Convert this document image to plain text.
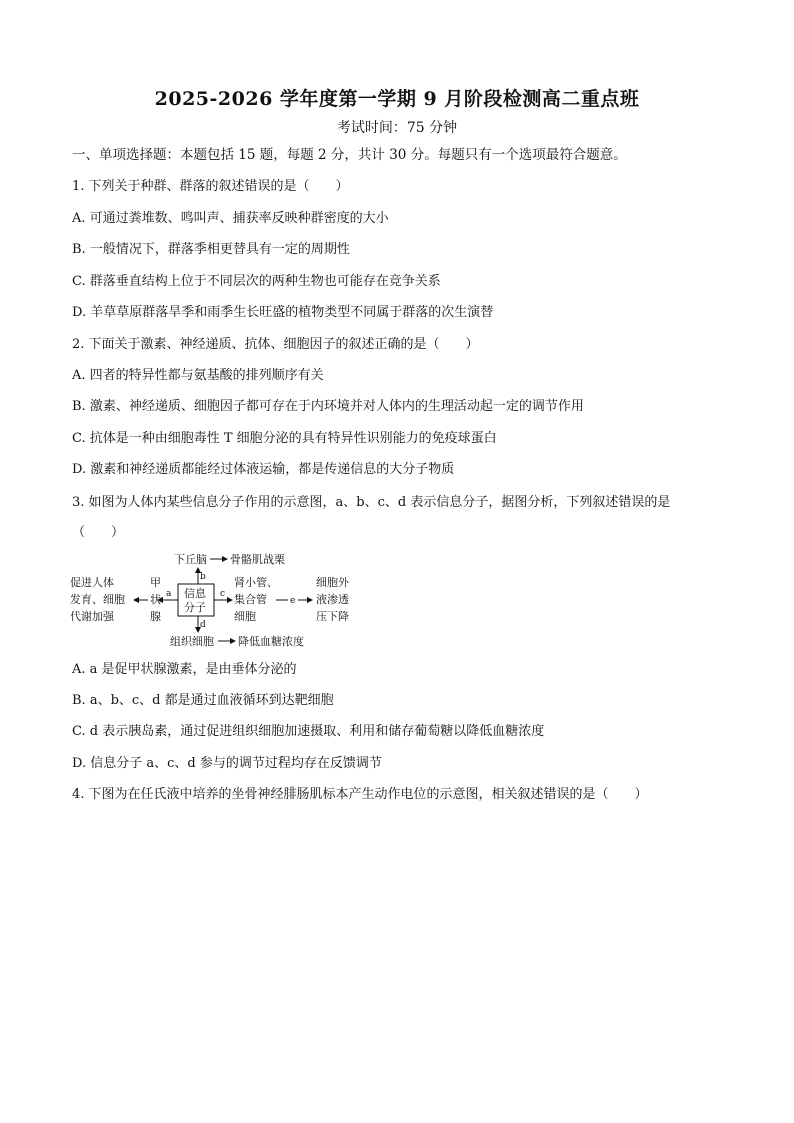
2025-2026 学年度第一学期 9 月阶段检测高二重点班
考试时间：75 分钟
一、单项选择题：本题包括 15 题，每题 2 分，共计 30 分。每题只有一个选项最符合题意。
1. 下列关于种群、群落的叙述错误的是（　　）
A. 可通过粪堆数、鸣叫声、捕获率反映种群密度的大小
B. 一般情况下，群落季相更替具有一定的周期性
C. 群落垂直结构上位于不同层次的两种生物也可能存在竞争关系
D. 羊草草原群落旱季和雨季生长旺盛的植物类型不同属于群落的次生演替
2. 下面关于激素、神经递质、抗体、细胞因子的叙述正确的是（　　）
A. 四者的特异性都与氨基酸的排列顺序有关
B. 激素、神经递质、细胞因子都可存在于内环境并对人体内的生理活动起一定的调节作用
C. 抗体是一种由细胞毒性 T 细胞分泌的具有特异性识别能力的免疫球蛋白
D. 激素和神经递质都能经过体液运输，都是传递信息的大分子物质
3. 如图为人体内某些信息分子作用的示意图，a、b、c、d 表示信息分子，据图分析，下列叙述错误的是
（　　）
信息
分子
下丘脑 骨骼肌战栗
b
a
甲
状
腺
促进人体
发育、细胞
代谢加强
c
肾小管、
集合管
细胞
e
细胞外
液渗透
压下降
d
组织细胞 降低血糖浓度
A. a 是促甲状腺激素，是由垂体分泌的
B. a、b、c、d 都是通过血液循环到达靶细胞
C. d 表示胰岛素，通过促进组织细胞加速摄取、利用和储存葡萄糖以降低血糖浓度
D. 信息分子 a、c、d 参与的调节过程均存在反馈调节
4. 下图为在任氏液中培养的坐骨神经腓肠肌标本产生动作电位的示意图，相关叙述错误的是（　　）
